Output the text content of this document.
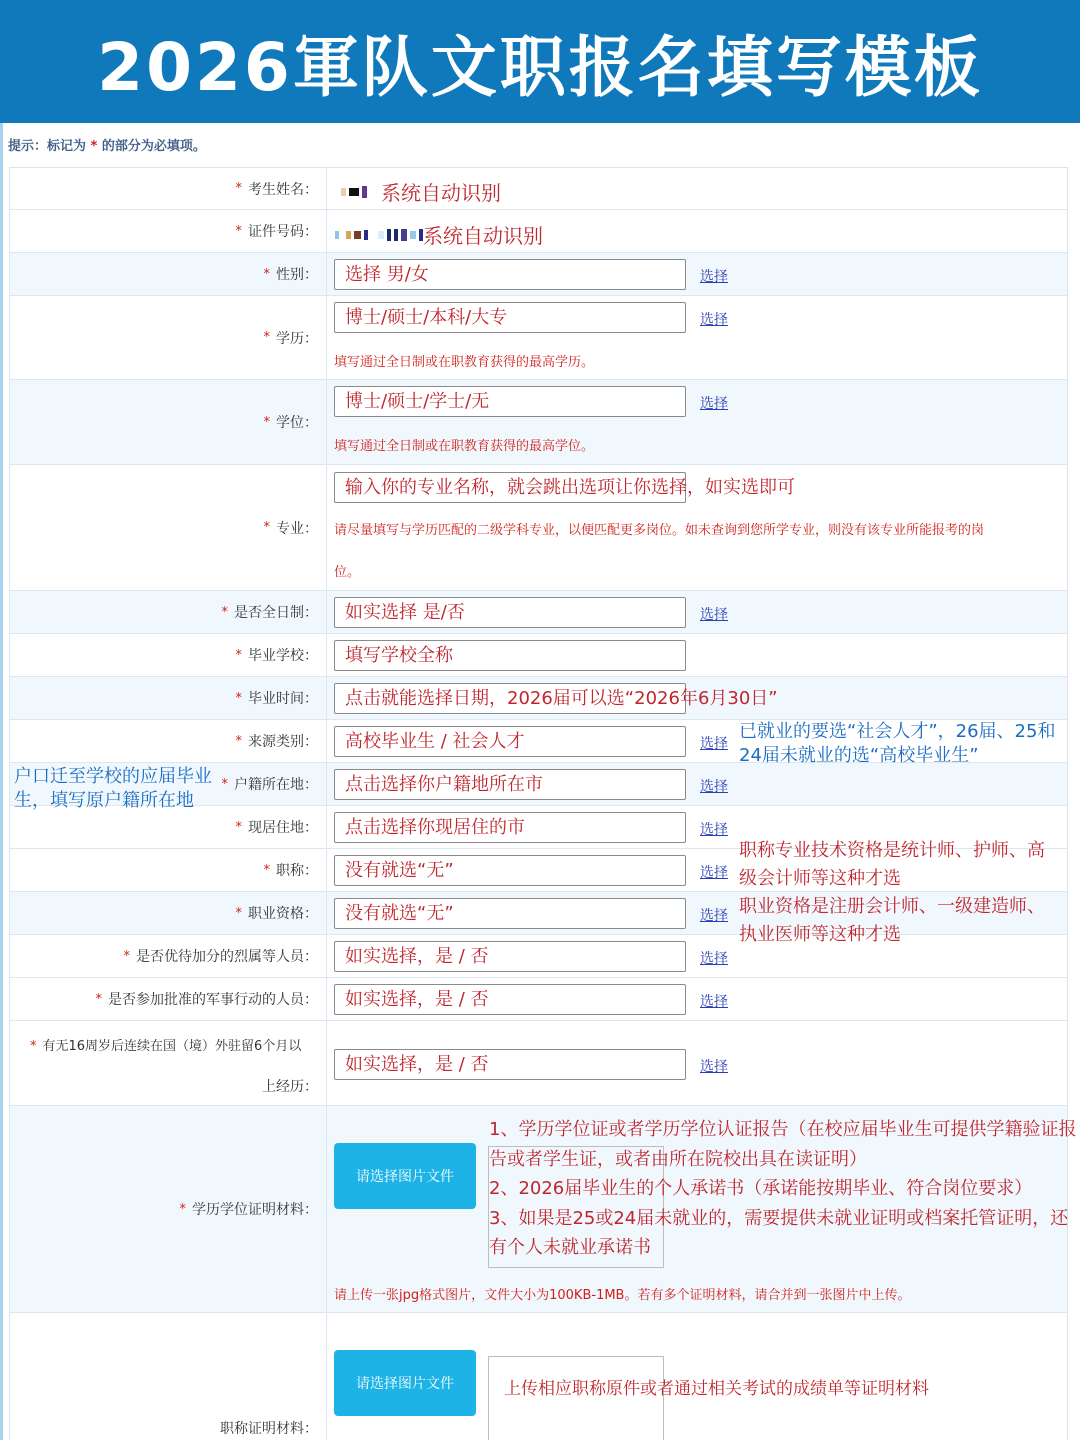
2026軍队文职报名填写模板
提示：标记为 * 的部分为必填项。
* 考生姓名：	系统自动识别
* 证件号码：	系统自动识别
* 性别：	选择 男/女	选择
* 学历：
博士/硕士/本科/大专	选择
填写通过全日制或在职教育获得的最高学历。
* 学位：
博士/硕士/学士/无	选择
填写通过全日制或在职教育获得的最高学位。
* 专业：
输入你的专业名称，就会跳出选项让你选择，如实选即可
请尽量填写与学历匹配的二级学科专业，以便匹配更多岗位。如未查询到您所学专业，则没有该专业所能报考的岗
位。
* 是否全日制：	如实选择 是/否	选择
* 毕业学校：	填写学校全称
* 毕业时间：	点击就能选择日期，2026届可以选“2026年6月30日”
* 来源类别：	高校毕业生 / 社会人才	选择
* 户籍所在地：	点击选择你户籍地所在市	选择
* 现居住地：	点击选择你现居住的市	选择
* 职称：	没有就选“无”	选择
* 职业资格：	没有就选“无”	选择
* 是否优待加分的烈属等人员：	如实选择，是 / 否	选择
* 是否参加批准的军事行动的人员：	如实选择，是 / 否	选择
* 有无16周岁后连续在国（境）外驻留6个月以
上经历：
如实选择，是 / 否	选择
* 学历学位证明材料：
请选择图片文件
1、学历学位证或者学历学位认证报告（在校应届毕业生可提供学籍验证报告或者学生证，或者由所在院校出具在读证明）
2、2026届毕业生的个人承诺书（承诺能按期毕业、符合岗位要求）
3、如果是25或24届未就业的，需要提供未就业证明或档案托管证明，还有个人未就业承诺书
请上传一张jpg格式图片，文件大小为100KB-1MB。若有多个证明材料，请合并到一张图片中上传。
职称证明材料：
请选择图片文件	上传相应职称原件或者通过相关考试的成绩单等证明材料
户口迁至学校的应届毕业生，填写原户籍所在地
已就业的要选“社会人才”，26届、25和24届未就业的选“高校毕业生”
职称专业技术资格是统计师、护师、高级会计师等这种才选
职业资格是注册会计师、一级建造师、执业医师等这种才选
